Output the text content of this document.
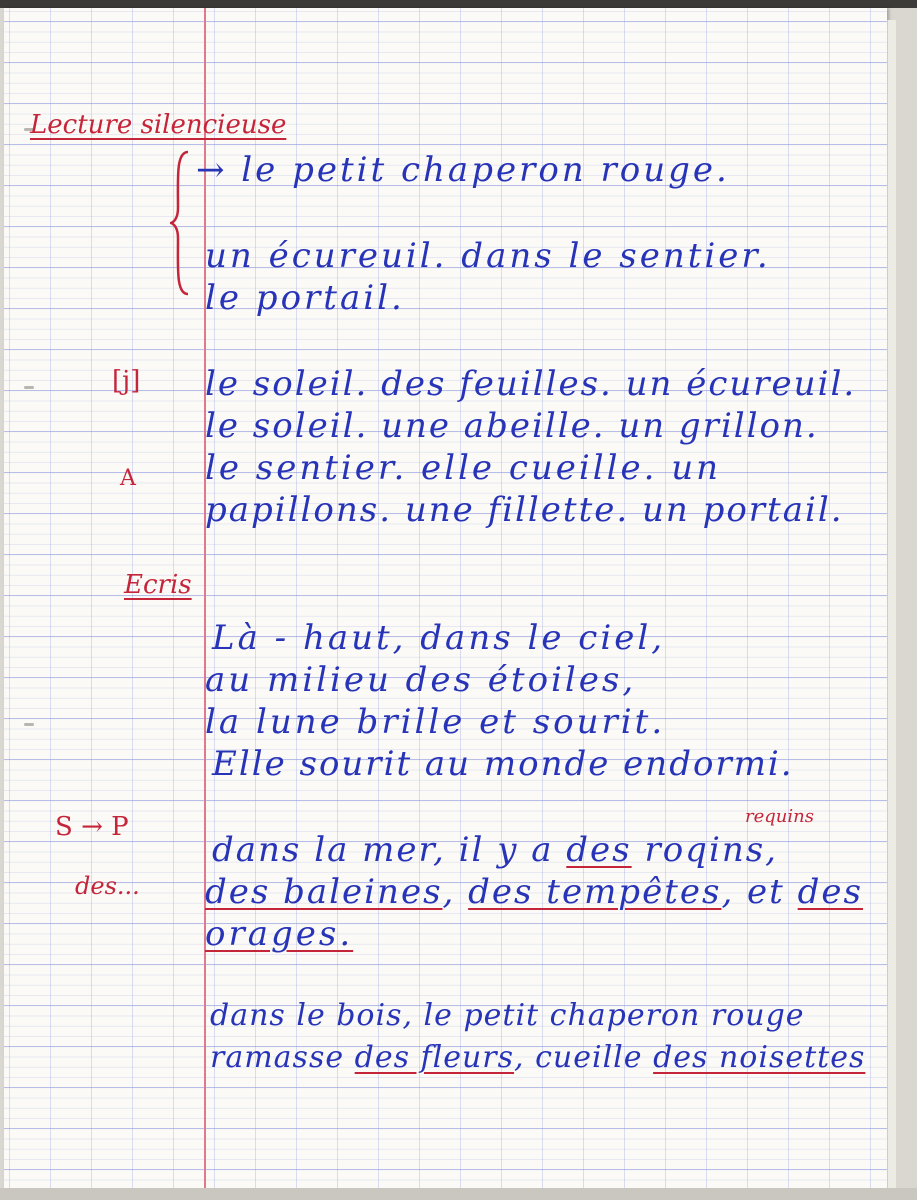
Lecture silencieuse
[j]
A
Ecris
S → P
des...
→ le petit chaperon rouge.
un écureuil. dans le sentier.
le portail.
le soleil. des feuilles. un écureuil.
le soleil. une abeille. un grillon.
le sentier. elle cueille. un
papillons. une fillette. un portail.
Là - haut, dans le ciel,
au milieu des étoiles,
la lune brille et sourit.
Elle sourit au monde endormi.
requins
dans la mer, il y a des roqins,
des baleines, des tempêtes, et des
orages.
dans le bois, le petit chaperon rouge
ramasse des fleurs, cueille des noisettes
